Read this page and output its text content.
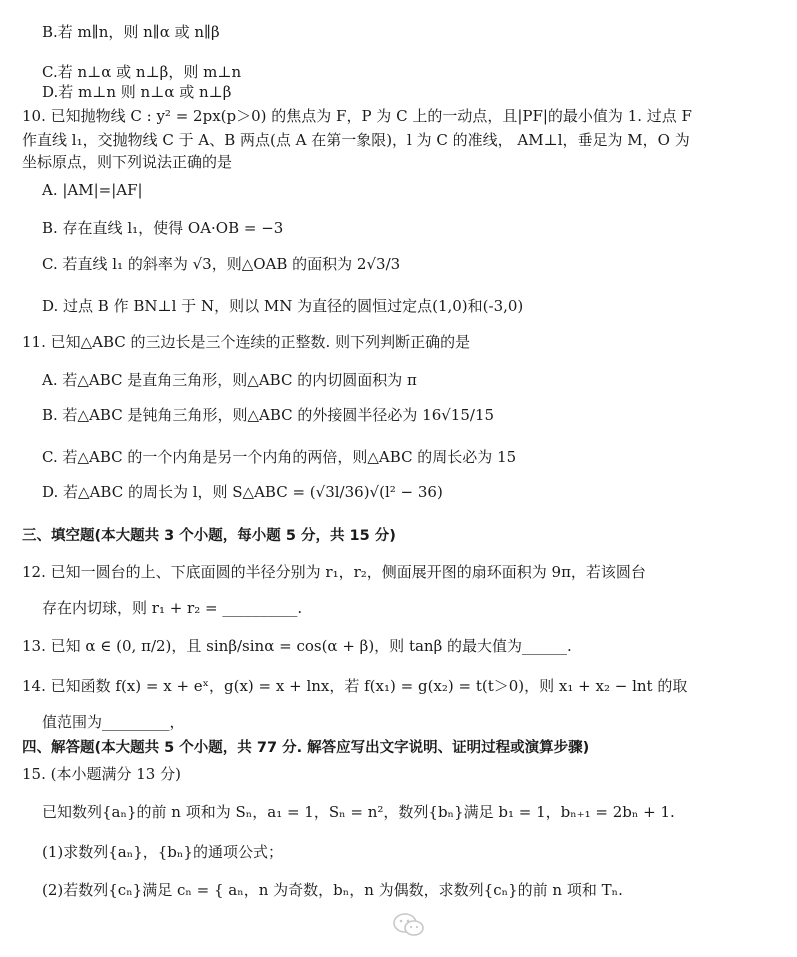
B.若 m∥n，则 n∥α 或 n∥β
C.若 n⊥α 或 n⊥β，则 m⊥n
D.若 m⊥n 则 n⊥α 或 n⊥β
10. 已知抛物线 C : y² = 2px(p＞0) 的焦点为 F，P 为 C 上的一动点，且|PF|的最小值为 1. 过点 F
作直线 l₁，交抛物线 C 于 A、B 两点(点 A 在第一象限)，l 为 C 的准线， AM⊥l，垂足为 M，O 为
坐标原点，则下列说法正确的是
A. |AM|=|AF|
B. 存在直线 l₁，使得 OA·OB = −3
C. 若直线 l₁ 的斜率为 √3，则△OAB 的面积为 2√3/3
D. 过点 B 作 BN⊥l 于 N，则以 MN 为直径的圆恒过定点(1,0)和(-3,0)
11. 已知△ABC 的三边长是三个连续的正整数. 则下列判断正确的是
A. 若△ABC 是直角三角形，则△ABC 的内切圆面积为 π
B. 若△ABC 是钝角三角形，则△ABC 的外接圆半径必为 16√15/15
C. 若△ABC 的一个内角是另一个内角的两倍，则△ABC 的周长必为 15
D. 若△ABC 的周长为 l，则 S△ABC = (√3l/36)√(l² − 36)
三、填空题(本大题共 3 个小题，每小题 5 分，共 15 分)
12. 已知一圆台的上、下底面圆的半径分别为 r₁，r₂，侧面展开图的扇环面积为 9π，若该圆台
存在内切球，则 r₁ + r₂ = __________.
13. 已知 α ∈ (0, π/2)，且 sinβ/sinα = cos(α + β)，则 tanβ 的最大值为______.
14. 已知函数 f(x) = x + eˣ，g(x) = x + lnx，若 f(x₁) = g(x₂) = t(t＞0)，则 x₁ + x₂ − lnt 的取
值范围为_________，
四、解答题(本大题共 5 个小题，共 77 分. 解答应写出文字说明、证明过程或演算步骤)
15. (本小题满分 13 分)
已知数列{aₙ}的前 n 项和为 Sₙ，a₁ = 1，Sₙ = n²，数列{bₙ}满足 b₁ = 1，bₙ₊₁ = 2bₙ + 1.
(1)求数列{aₙ}，{bₙ}的通项公式；
(2)若数列{cₙ}满足 cₙ = { aₙ，n 为奇数，bₙ，n 为偶数，求数列{cₙ}的前 n 项和 Tₙ.
